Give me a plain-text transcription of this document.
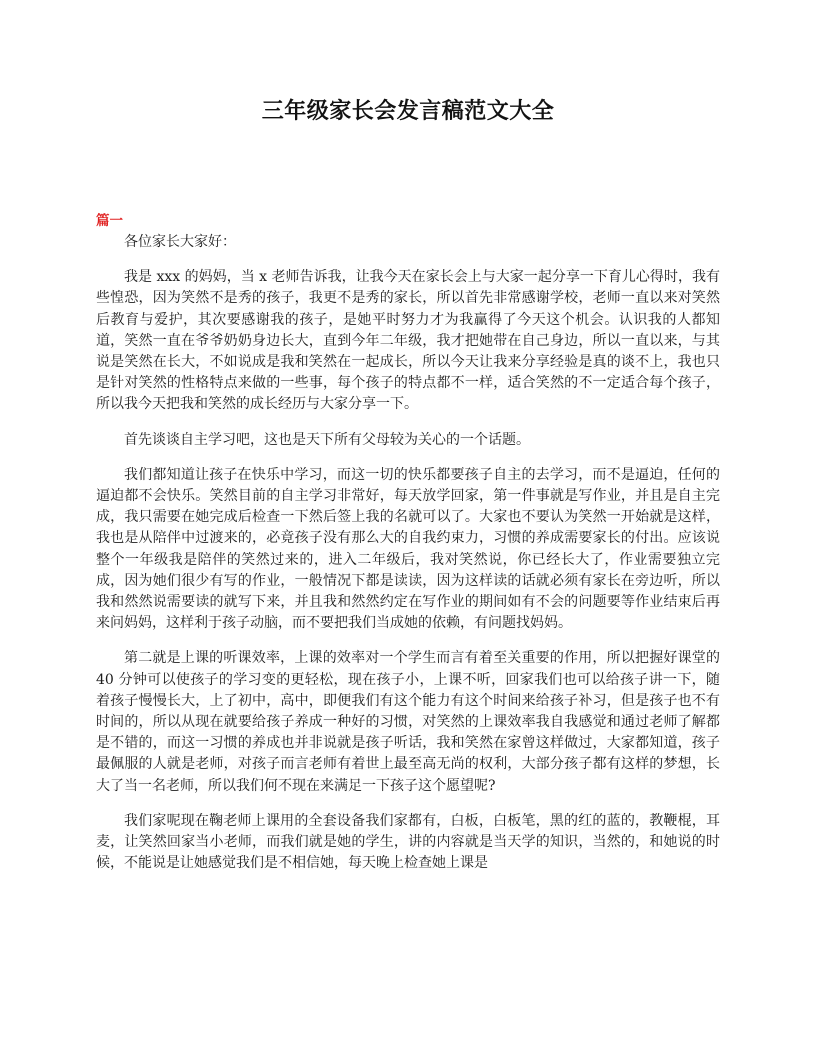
三年级家长会发言稿范文大全
篇一

各位家长大家好：

我是 xxx 的妈妈，当 x 老师告诉我，让我今天在家长会上与大家一起分享一下育儿心得时，我有些惶恐，因为笑然不是秀的孩子，我更不是秀的家长，所以首先非常感谢学校，老师一直以来对笑然后教育与爱护，其次要感谢我的孩子，是她平时努力才为我赢得了今天这个机会。认识我的人都知道，笑然一直在爷爷奶奶身边长大，直到今年二年级，我才把她带在自己身边，所以一直以来，与其说是笑然在长大，不如说成是我和笑然在一起成长，所以今天让我来分享经验是真的谈不上，我也只是针对笑然的性格特点来做的一些事，每个孩子的特点都不一样，适合笑然的不一定适合每个孩子，所以我今天把我和笑然的成长经历与大家分享一下。

首先谈谈自主学习吧，这也是天下所有父母较为关心的一个话题。

我们都知道让孩子在快乐中学习，而这一切的快乐都要孩子自主的去学习，而不是逼迫，任何的逼迫都不会快乐。笑然目前的自主学习非常好，每天放学回家，第一件事就是写作业，并且是自主完成，我只需要在她完成后检查一下然后签上我的名就可以了。大家也不要认为笑然一开始就是这样，我也是从陪伴中过渡来的，必竟孩子没有那么大的自我约束力，习惯的养成需要家长的付出。应该说整个一年级我是陪伴的笑然过来的，进入二年级后，我对笑然说，你已经长大了，作业需要独立完成，因为她们很少有写的作业，一般情况下都是读读，因为这样读的话就必须有家长在旁边听，所以我和然然说需要读的就写下来，并且我和然然约定在写作业的期间如有不会的问题要等作业结束后再来问妈妈，这样利于孩子动脑，而不要把我们当成她的依赖，有问题找妈妈。

第二就是上课的听课效率，上课的效率对一个学生而言有着至关重要的作用，所以把握好课堂的 40 分钟可以使孩子的学习变的更轻松，现在孩子小，上课不听，回家我们也可以给孩子讲一下，随着孩子慢慢长大，上了初中，高中，即便我们有这个能力有这个时间来给孩子补习，但是孩子也不有时间的，所以从现在就要给孩子养成一种好的习惯，对笑然的上课效率我自我感觉和通过老师了解都是不错的，而这一习惯的养成也并非说就是孩子听话，我和笑然在家曾这样做过，大家都知道，孩子最佩服的人就是老师，对孩子而言老师有着世上最至高无尚的权利，大部分孩子都有这样的梦想，长大了当一名老师，所以我们何不现在来满足一下孩子这个愿望呢?

我们家呢现在鞠老师上课用的全套设备我们家都有，白板，白板笔，黑的红的蓝的，教鞭棍，耳麦，让笑然回家当小老师，而我们就是她的学生，讲的内容就是当天学的知识，当然的，和她说的时候，不能说是让她感觉我们是不相信她，每天晚上检查她上课是
